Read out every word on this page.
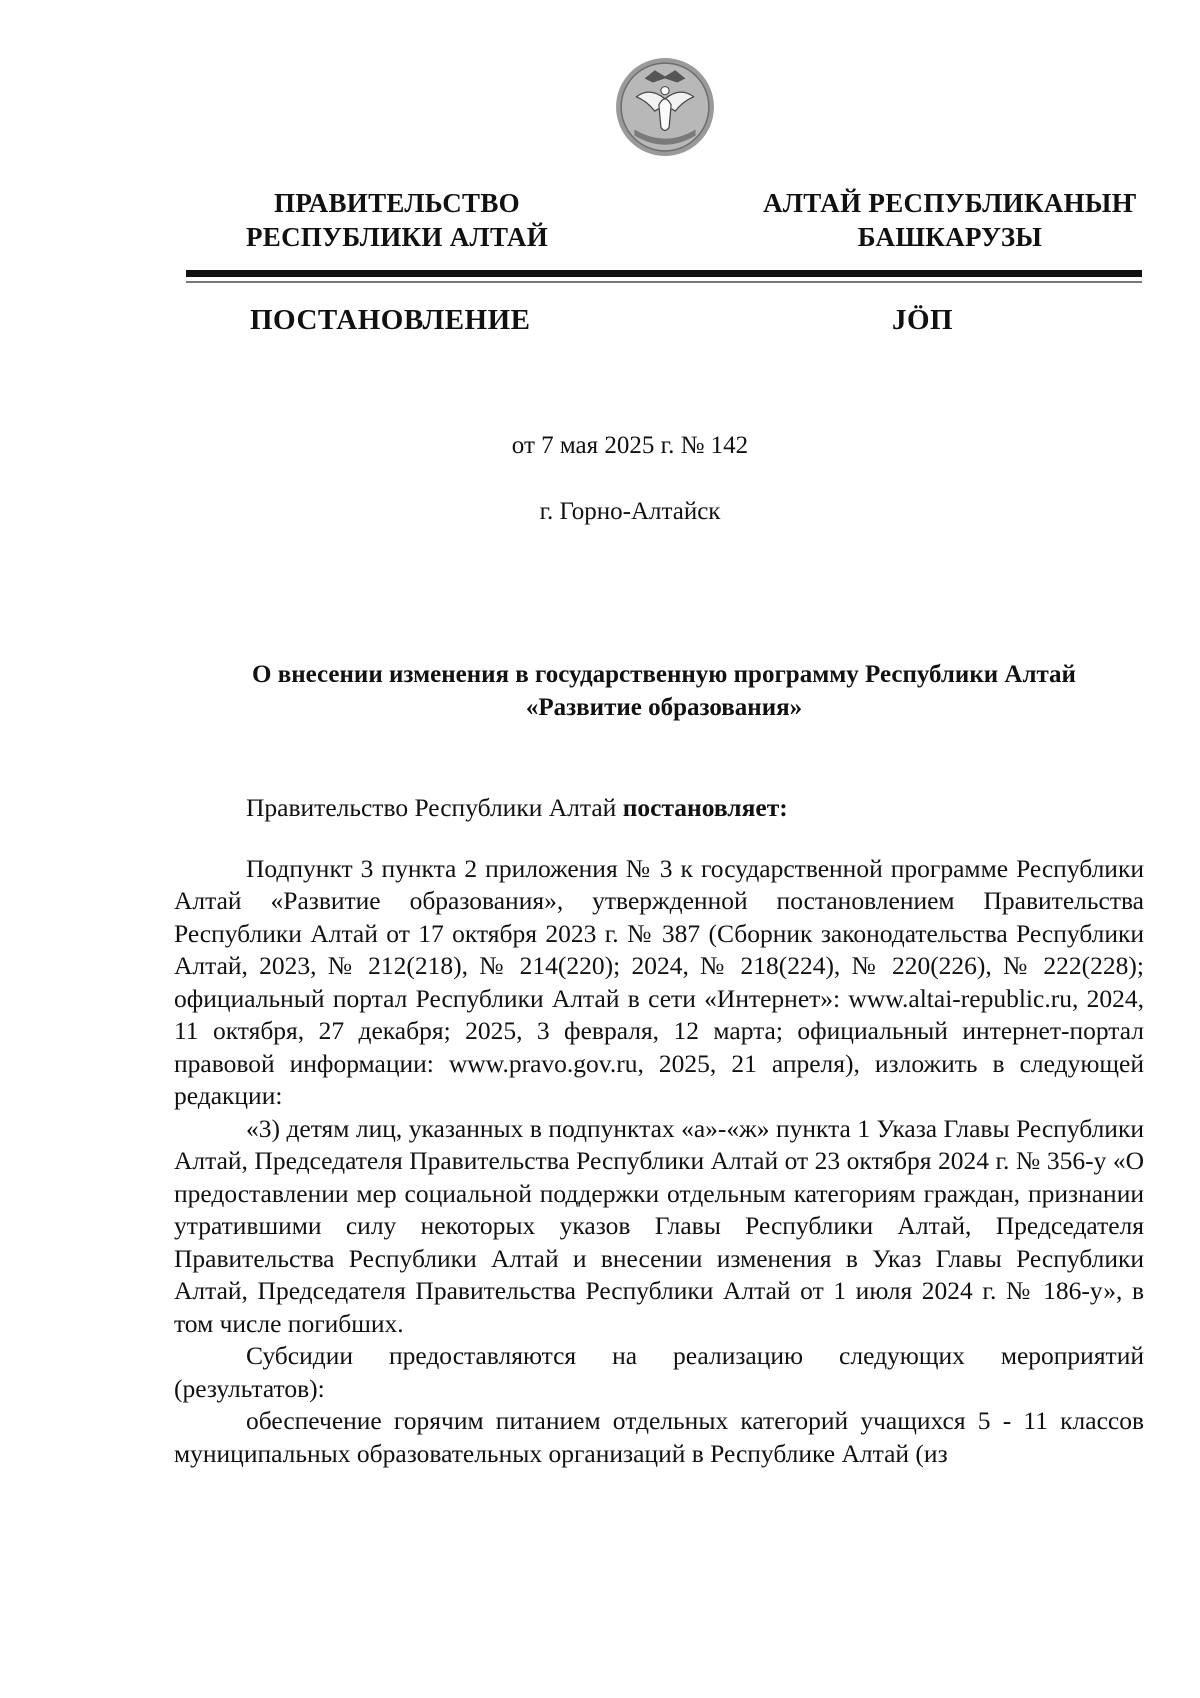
ПРАВИТЕЛЬСТВО
РЕСПУБЛИКИ АЛТАЙ
АЛТАЙ РЕСПУБЛИКАНЫҤ
БАШКАРУЗЫ
ПОСТАНОВЛЕНИЕ	JӦП
от 7 мая 2025 г. № 142
г. Горно-Алтайск
О внесении изменения в государственную программу Республики Алтай
«Развитие образования»

Правительство Республики Алтай постановляет:

Подпункт 3 пункта 2 приложения № 3 к государственной программе Республики Алтай «Развитие образования», утвержденной постановлением Правительства Республики Алтай от 17 октября 2023 г. № 387 (Сборник законодательства Республики Алтай, 2023, № 212(218), № 214(220); 2024, № 218(224), № 220(226), № 222(228); официальный портал Республики Алтай в сети «Интернет»: www.altai-republic.ru, 2024, 11 октября, 27 декабря; 2025, 3 февраля, 12 марта; официальный интернет-портал правовой информации: www.pravo.gov.ru, 2025, 21 апреля), изложить в следующей редакции:

«3) детям лиц, указанных в подпунктах «а»-«ж» пункта 1 Указа Главы Республики Алтай, Председателя Правительства Республики Алтай от 23 октября 2024 г. № 356-у «О предоставлении мер социальной поддержки отдельным категориям граждан, признании утратившими силу некоторых указов Главы Республики Алтай, Председателя Правительства Республики Алтай и внесении изменения в Указ Главы Республики Алтай, Председателя Правительства Республики Алтай от 1 июля 2024 г. № 186-у», в том числе погибших.

Субсидии предоставляются на реализацию следующих мероприятий (результатов):

обеспечение горячим питанием отдельных категорий учащихся 5 - 11 классов муниципальных образовательных организаций в Республике Алтай (из
